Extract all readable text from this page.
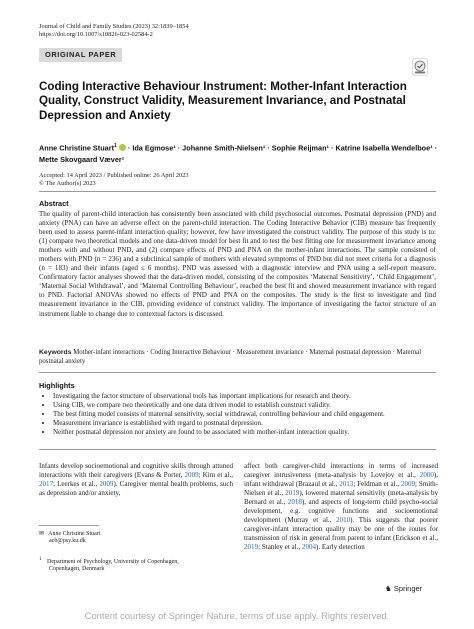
Journal of Child and Family Studies (2023) 32:1839–1854
https://doi.org/10.1007/s10826-023-02584-2
ORIGINAL PAPER
Coding Interactive Behaviour Instrument: Mother-Infant Interaction Quality, Construct Validity, Measurement Invariance, and Postnatal Depression and Anxiety
Anne Christine Stuart$^1$ · Ida Egmose¹ · Johanne Smith-Nielsen¹ · Sophie Reijman¹ · Katrine Isabella Wendelboe¹ ·
Mette Skovgaard Væver¹
Accepted: 14 April 2023 / Published online: 26 April 2023
© The Author(s) 2023
Abstract
The quality of parent-child interaction has consistently been associated with child psychosocial outcomes. Postnatal depression (PND) and anxiety (PNA) can have an adverse effect on the parent-child interaction. The Coding Interactive Behavior (CIB) measure has frequently been used to assess parent-infant interaction quality; however, few have investigated the construct validity. The purpose of this study is to: (1) compare two theoretical models and one data-driven model for best fit and to test the best fitting one for measurement invariance among mothers with and without PND, and (2) compare effects of PND and PNA on the mother-infant interactions. The sample consisted of mothers with PND (n = 236) and a subclinical sample of mothers with elevated symptoms of PND but did not meet criteria for a diagnosis (n = 183) and their infants (aged ≤ 6 months). PND was assessed with a diagnostic interview and PNA using a self-report measure. Confirmatory factor analyses showed that the data-driven model, consisting of the composites ‘Maternal Sensitivity’, ‘Child Engagement’, ‘Maternal Social Withdrawal’, and ‘Maternal Controlling Behaviour’, reached the best fit and showed measurement invariance with regard to PND. Factorial ANOVAs showed no effects of PND and PNA on the composites. The study is the first to investigate and find measurement invariance in the CIB, providing evidence of construct validity. The importance of investigating the factor structure of an instrument liable to change due to contextual factors is discussed.
Keywords Mother-infant interactions · Coding Interactive Behaviour · Measurement invariance · Maternal postnatal depression · Maternal postnatal anxiety
Highlights
• Investigating the factor structure of observational tools has important implications for research and theory.
• Using CIB, we compare two theoretically and one data driven model to establish construct validity.
• The best fitting model consists of maternal sensitivity, social withdrawal, controlling behaviour and child engagement.
• Measurement invariance is established with regard to postnatal depression.
• Neither postnatal depression nor anxiety are found to be associated with mother-infant interaction quality.
Infants develop socioemotional and cognitive skills through attuned interactions with their caregivers (Evans & Porter, 2009; Kim et al., 2017; Leerkes et al., 2009). Caregiver mental health problems, such as depression and/or anxiety,
✉ Anne Christine Stuart
acb@psy.ku.dk
$^1$ Department of Psychology, University of Copenhagen,
Copenhagen, Denmark
affect both caregiver-child interactions in terms of increased caregiver intrusiveness (meta-analysis by Lovejoy et al., 2000), infant withdrawal (Brazaul et al., 2013; Feldman et al., 2009; Smith-Nielsen et al., 2019), lowered maternal sensitivity (meta-analysis by Bernard et al., 2018), and aspects of long-term child psycho-social development, e.g. cognitive functions and socioemotional development (Murray et al., 2010). This suggests that poorer caregiver-infant interaction quality may be one of the routes for transmission of risk in general from parent to infant (Erickson et al., 2019; Stanley et al., 2004). Early detection
♞ Springer
Content courtesy of Springer Nature, terms of use apply. Rights reserved.
